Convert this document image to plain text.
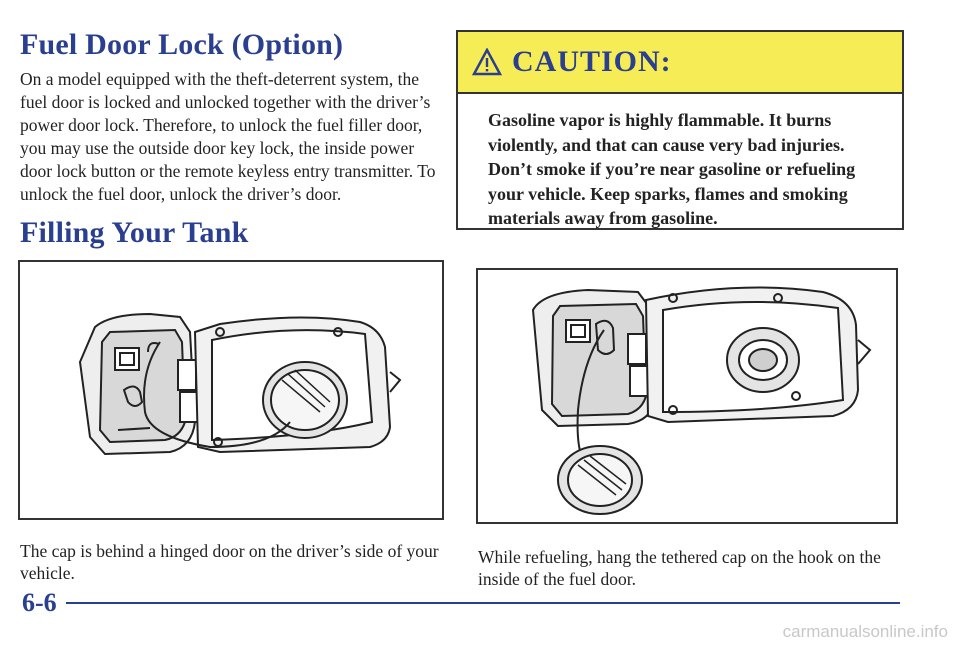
Fuel Door Lock (Option)

On a model equipped with the theft-deterrent system, the fuel door is locked and unlocked together with the driver’s power door lock. Therefore, to unlock the fuel filler door, you may use the outside door key lock, the inside power door lock button or the remote keyless entry transmitter. To unlock the fuel door, unlock the driver’s door.

Filling Your Tank
CAUTION:
Gasoline vapor is highly flammable. It burns violently, and that can cause very bad injuries. Don’t smoke if you’re near gasoline or refueling your vehicle. Keep sparks, flames and smoking materials away from gasoline.

The cap is behind a hinged door on the driver’s side of your vehicle.

While refueling, hang the tethered cap on the hook on the inside of the fuel door.

6-6
carmanualsonline.info
